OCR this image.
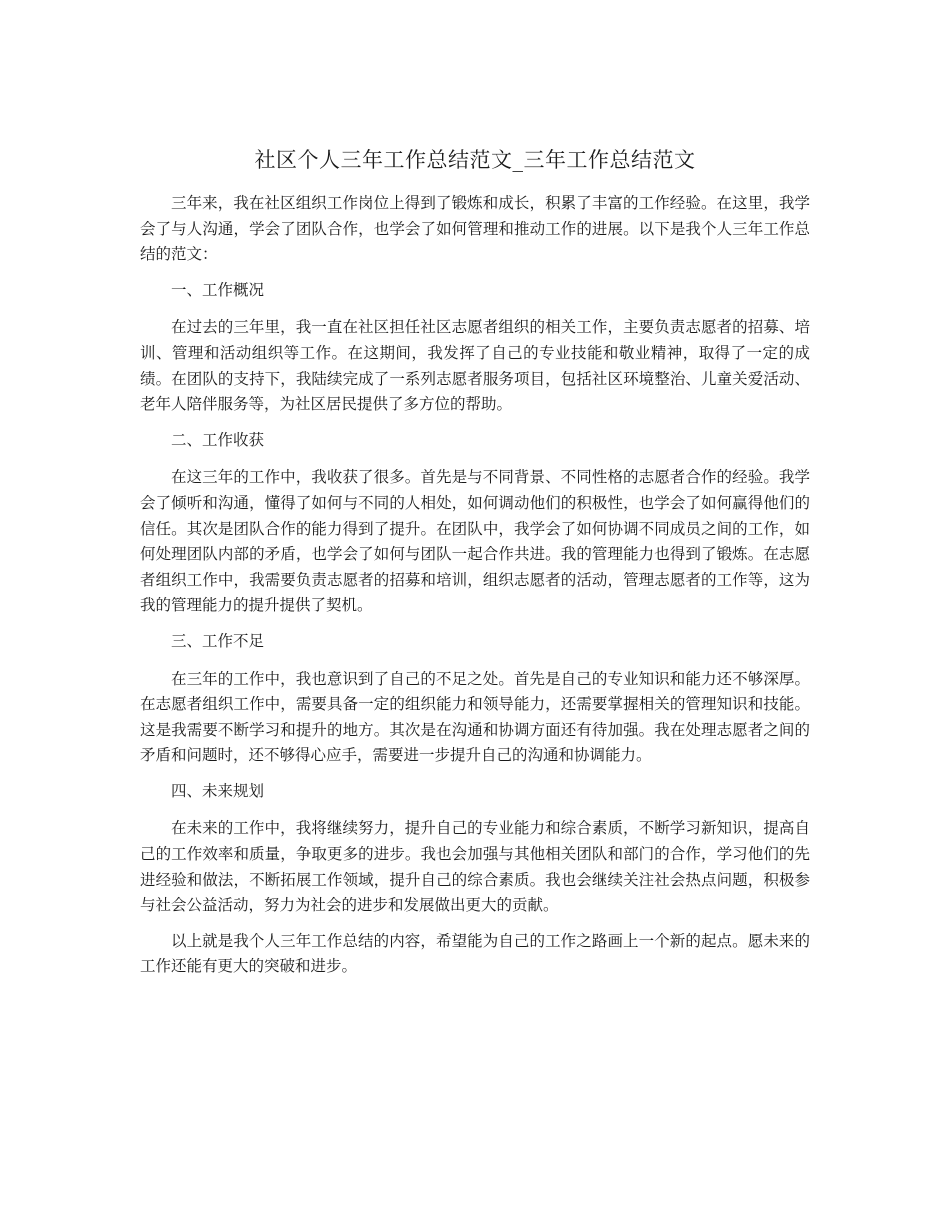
社区个人三年工作总结范文_三年工作总结范文

三年来，我在社区组织工作岗位上得到了锻炼和成长，积累了丰富的工作经验。在这里，我学会了与人沟通，学会了团队合作，也学会了如何管理和推动工作的进展。以下是我个人三年工作总结的范文：

一、工作概况

在过去的三年里，我一直在社区担任社区志愿者组织的相关工作，主要负责志愿者的招募、培训、管理和活动组织等工作。在这期间，我发挥了自己的专业技能和敬业精神，取得了一定的成绩。在团队的支持下，我陆续完成了一系列志愿者服务项目，包括社区环境整治、儿童关爱活动、老年人陪伴服务等，为社区居民提供了多方位的帮助。

二、工作收获

在这三年的工作中，我收获了很多。首先是与不同背景、不同性格的志愿者合作的经验。我学会了倾听和沟通，懂得了如何与不同的人相处，如何调动他们的积极性，也学会了如何赢得他们的信任。其次是团队合作的能力得到了提升。在团队中，我学会了如何协调不同成员之间的工作，如何处理团队内部的矛盾，也学会了如何与团队一起合作共进。我的管理能力也得到了锻炼。在志愿者组织工作中，我需要负责志愿者的招募和培训，组织志愿者的活动，管理志愿者的工作等，这为我的管理能力的提升提供了契机。

三、工作不足

在三年的工作中，我也意识到了自己的不足之处。首先是自己的专业知识和能力还不够深厚。在志愿者组织工作中，需要具备一定的组织能力和领导能力，还需要掌握相关的管理知识和技能。这是我需要不断学习和提升的地方。其次是在沟通和协调方面还有待加强。我在处理志愿者之间的矛盾和问题时，还不够得心应手，需要进一步提升自己的沟通和协调能力。

四、未来规划

在未来的工作中，我将继续努力，提升自己的专业能力和综合素质，不断学习新知识，提高自己的工作效率和质量，争取更多的进步。我也会加强与其他相关团队和部门的合作，学习他们的先进经验和做法，不断拓展工作领域，提升自己的综合素质。我也会继续关注社会热点问题，积极参与社会公益活动，努力为社会的进步和发展做出更大的贡献。

以上就是我个人三年工作总结的内容，希望能为自己的工作之路画上一个新的起点。愿未来的工作还能有更大的突破和进步。
